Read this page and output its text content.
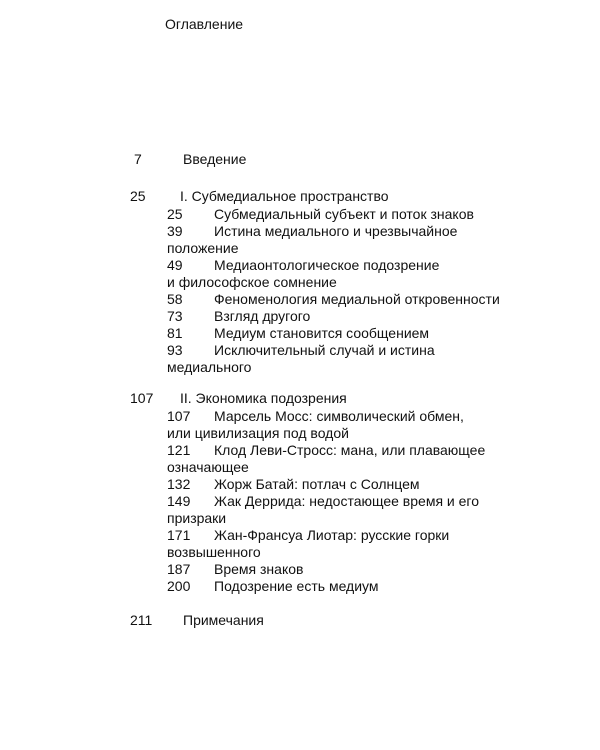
Оглавление
7	Введение
25 I. Субмедиальное пространство
25 Субмедиальный субъект и поток знаков
39 Истина медиального и чрезвычайное
положение
49 Медиаонтологическое подозрение
и философское сомнение
58 Феноменология медиальной откровенности
73 Взгляд другого
81 Медиум становится сообщением
93 Исключительный случай и истина
медиального
107 II. Экономика подозрения
107 Марсель Мосс: символический обмен,
или цивилизация под водой
121 Клод Леви-Стросс: мана, или плавающее
означающее
132 Жорж Батай: потлач с Солнцем
149 Жак Деррида: недостающее время и его
призраки
171 Жан-Франсуа Лиотар: русские горки
возвышенного
187 Время знаков
200 Подозрение есть медиум
211 Примечания
